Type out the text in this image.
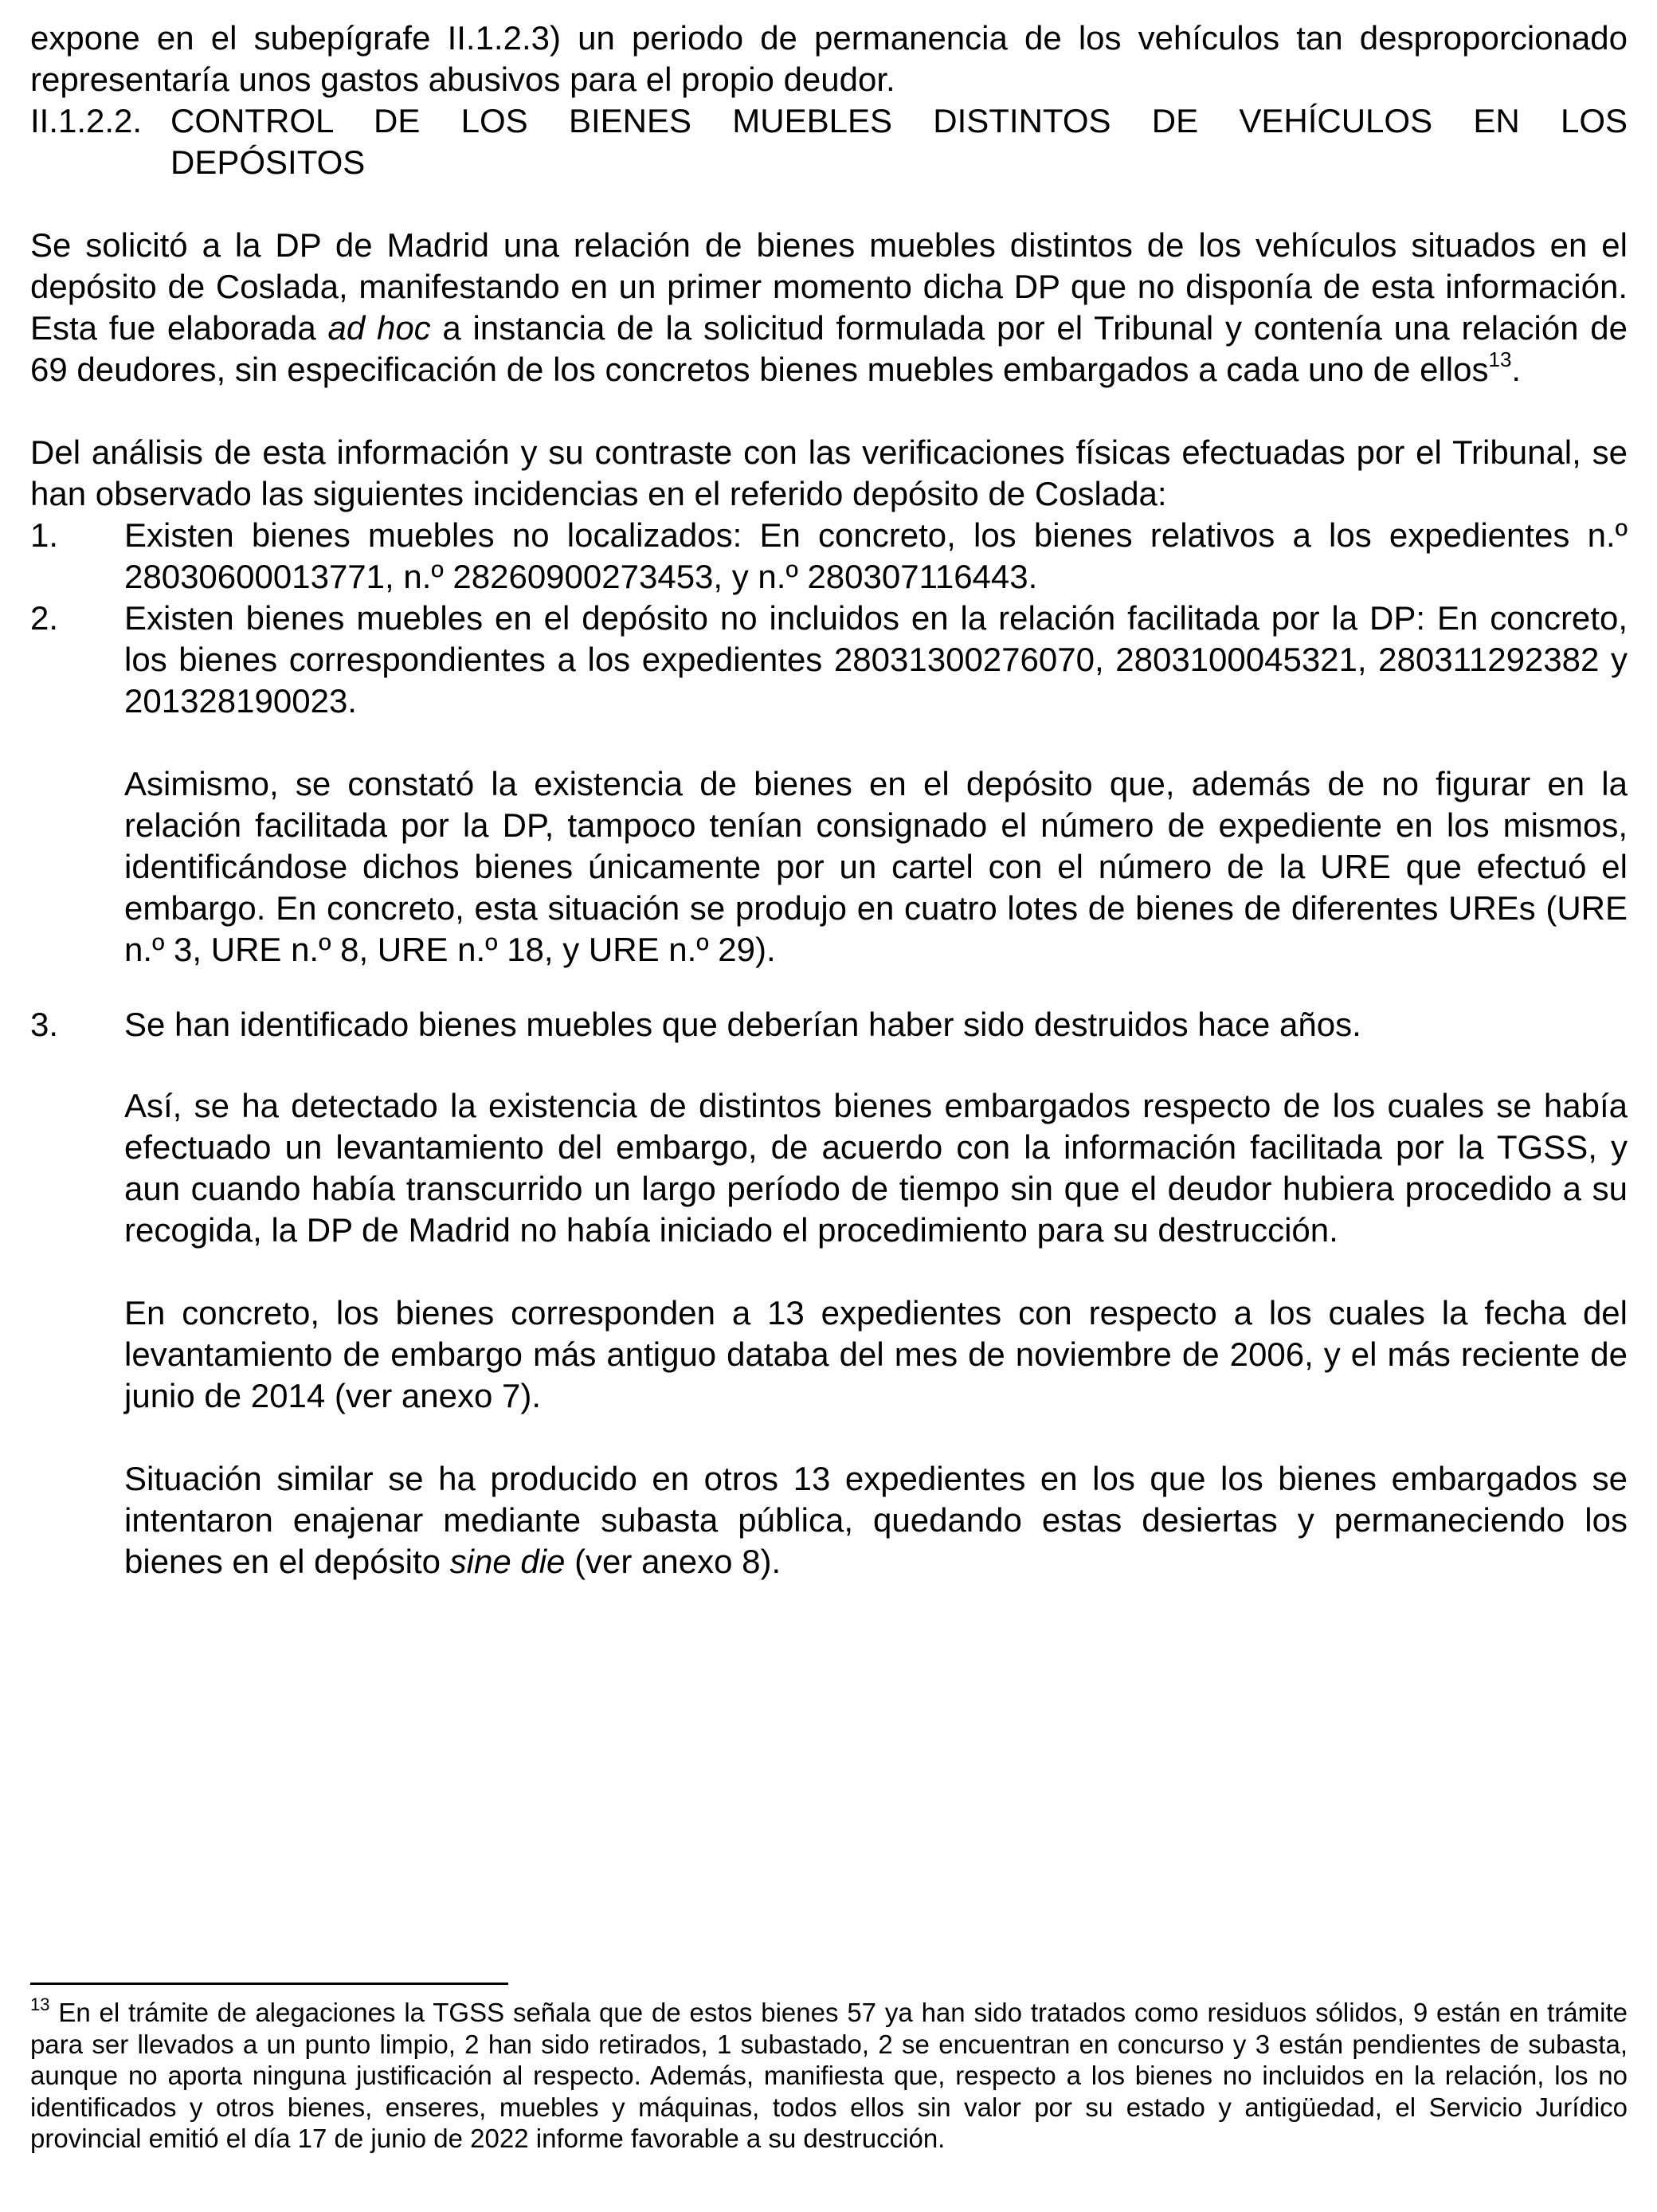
expone en el subepígrafe II.1.2.3) un periodo de permanencia de los vehículos tan desproporcionado representaría unos gastos abusivos para el propio deudor.

II.1.2.2. CONTROL DE LOS BIENES MUEBLES DISTINTOS DE VEHÍCULOS EN LOS
DEPÓSITOS

Se solicitó a la DP de Madrid una relación de bienes muebles distintos de los vehículos situados en el depósito de Coslada, manifestando en un primer momento dicha DP que no disponía de esta información. Esta fue elaborada ad hoc a instancia de la solicitud formulada por el Tribunal y contenía una relación de 69 deudores, sin especificación de los concretos bienes muebles embargados a cada uno de ellos$^{13}$.

Del análisis de esta información y su contraste con las verificaciones físicas efectuadas por el Tribunal, se han observado las siguientes incidencias en el referido depósito de Coslada:

1.	Existen bienes muebles no localizados: En concreto, los bienes relativos a los expedientes n.º 28030600013771, n.º 28260900273453, y n.º 280307116443.
2.	Existen bienes muebles en el depósito no incluidos en la relación facilitada por la DP: En concreto, los bienes correspondientes a los expedientes 28031300276070, 2803100045321, 280311292382 y 201328190023.

Asimismo, se constató la existencia de bienes en el depósito que, además de no figurar en la relación facilitada por la DP, tampoco tenían consignado el número de expediente en los mismos, identificándose dichos bienes únicamente por un cartel con el número de la URE que efectuó el embargo. En concreto, esta situación se produjo en cuatro lotes de bienes de diferentes UREs (URE n.º 3, URE n.º 8, URE n.º 18, y URE n.º 29).

3.	Se han identificado bienes muebles que deberían haber sido destruidos hace años.

Así, se ha detectado la existencia de distintos bienes embargados respecto de los cuales se había efectuado un levantamiento del embargo, de acuerdo con la información facilitada por la TGSS, y aun cuando había transcurrido un largo período de tiempo sin que el deudor hubiera procedido a su recogida, la DP de Madrid no había iniciado el procedimiento para su destrucción.

En concreto, los bienes corresponden a 13 expedientes con respecto a los cuales la fecha del levantamiento de embargo más antiguo databa del mes de noviembre de 2006, y el más reciente de junio de 2014 (ver anexo 7).

Situación similar se ha producido en otros 13 expedientes en los que los bienes embargados se intentaron enajenar mediante subasta pública, quedando estas desiertas y permaneciendo los bienes en el depósito sine die (ver anexo 8).

$^{13}$ En el trámite de alegaciones la TGSS señala que de estos bienes 57 ya han sido tratados como residuos sólidos, 9 están en trámite para ser llevados a un punto limpio, 2 han sido retirados, 1 subastado, 2 se encuentran en concurso y 3 están pendientes de subasta, aunque no aporta ninguna justificación al respecto. Además, manifiesta que, respecto a los bienes no incluidos en la relación, los no identificados y otros bienes, enseres, muebles y máquinas, todos ellos sin valor por su estado y antigüedad, el Servicio Jurídico provincial emitió el día 17 de junio de 2022 informe favorable a su destrucción.
